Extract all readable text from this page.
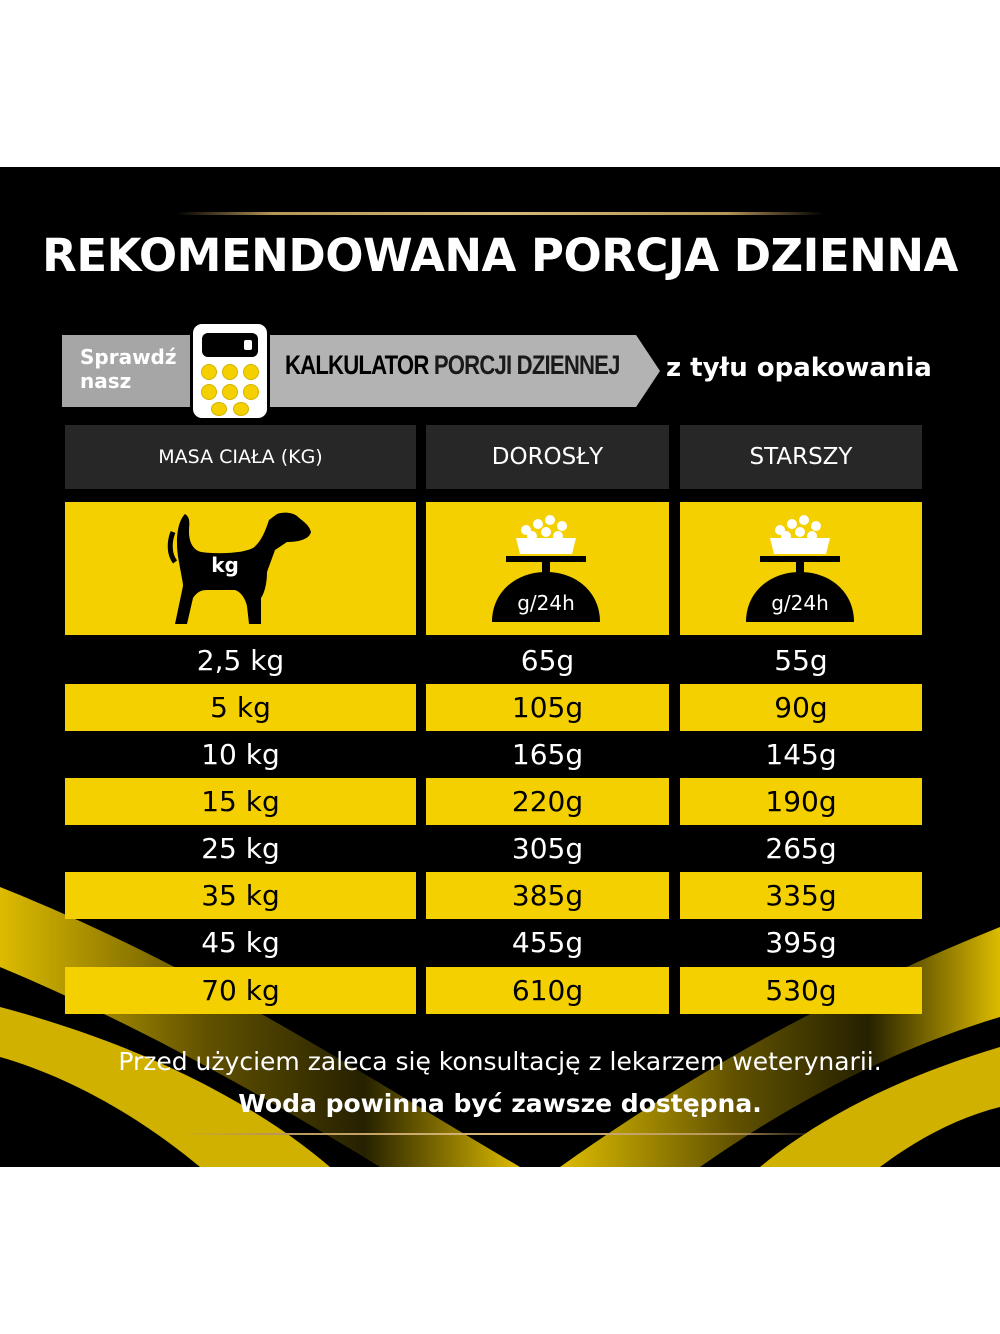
REKOMENDOWANA PORCJA DZIENNA
Sprawdź
nasz
KALKULATOR PORCJI DZIENNEJ z tyłu opakowania
MASA CIAŁA (KG)	DOROSŁY	STARSZY
kg
g/24h	g/24h
2,5 kg	65g	55g
5 kg	105g	90g
10 kg	165g	145g
15 kg	220g	190g
25 kg	305g	265g
35 kg	385g	335g
45 kg	455g	395g
70 kg	610g	530g
Przed użyciem zaleca się konsultację z lekarzem weterynarii.
Woda powinna być zawsze dostępna.
